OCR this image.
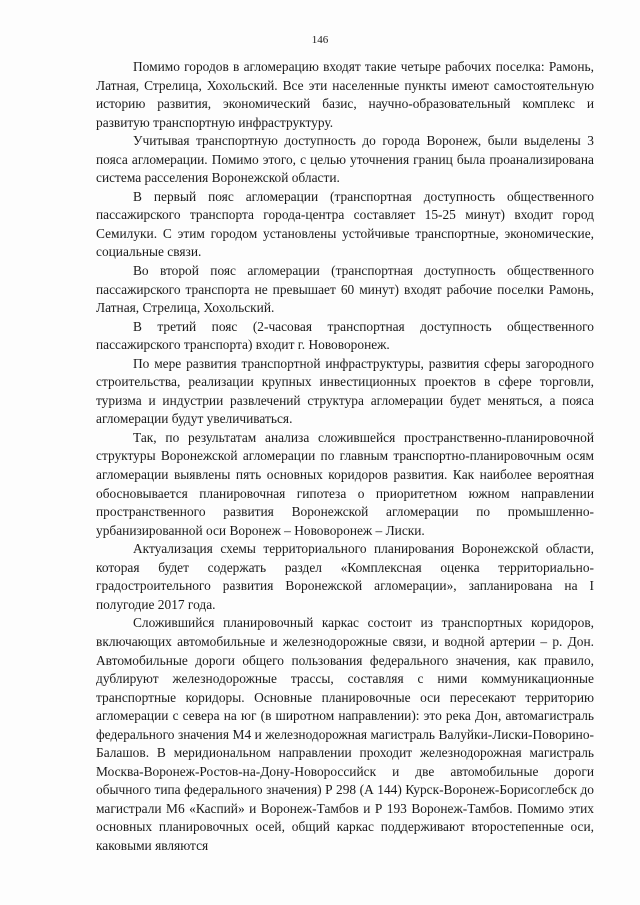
146

Помимо городов в агломерацию входят такие четыре рабочих поселка: Рамонь, Латная, Стрелица, Хохольский. Все эти населенные пункты имеют самостоятельную историю развития, экономический базис, научно-образовательный комплекс и развитую транспортную инфраструктуру.

Учитывая транспортную доступность до города Воронеж, были выделены 3 пояса агломерации. Помимо этого, с целью уточнения границ была проанализирована система расселения Воронежской области.

В первый пояс агломерации (транспортная доступность общественного пассажирского транспорта города-центра составляет 15-25 минут) входит город Семилуки. С этим городом установлены устойчивые транспортные, экономические, социальные связи.

Во второй пояс агломерации (транспортная доступность общественного пассажирского транспорта не превышает 60 минут) входят рабочие поселки Рамонь, Латная, Стрелица, Хохольский.

В третий пояс (2-часовая транспортная доступность общественного пассажирского транспорта) входит г. Нововоронеж.

По мере развития транспортной инфраструктуры, развития сферы загородного строительства, реализации крупных инвестиционных проектов в сфере торговли, туризма и индустрии развлечений структура агломерации будет меняться, а пояса агломерации будут увеличиваться.

Так, по результатам анализа сложившейся пространственно-планировочной структуры Воронежской агломерации по главным транспортно-планировочным осям агломерации выявлены пять основных коридоров развития. Как наиболее вероятная обосновывается планировочная гипотеза о приоритетном южном направлении пространственного развития Воронежской агломерации по промышленно-урбанизированной оси Воронеж – Нововоронеж – Лиски.

Актуализация схемы территориального планирования Воронежской области, которая будет содержать раздел «Комплексная оценка территориально-градостроительного развития Воронежской агломерации», запланирована на I полугодие 2017 года.

Сложившийся планировочный каркас состоит из транспортных коридоров, включающих автомобильные и железнодорожные связи, и водной артерии – р. Дон. Автомобильные дороги общего пользования федерального значения, как правило, дублируют железнодорожные трассы, составляя с ними коммуникационные транспортные коридоры. Основные планировочные оси пересекают территорию агломерации с севера на юг (в широтном направлении): это река Дон, автомагистраль федерального значения М4 и железнодорожная магистраль Валуйки-Лиски-Поворино-Балашов. В меридиональном направлении проходит железнодорожная магистраль Москва-Воронеж-Ростов-на-Дону-Новороссийск и две автомобильные дороги обычного типа федерального значения) Р 298 (А 144) Курск-Воронеж-Борисоглебск до магистрали М6 «Каспий» и Воронеж-Тамбов и Р 193 Воронеж-Тамбов. Помимо этих основных планировочных осей, общий каркас поддерживают второстепенные оси, каковыми являются
